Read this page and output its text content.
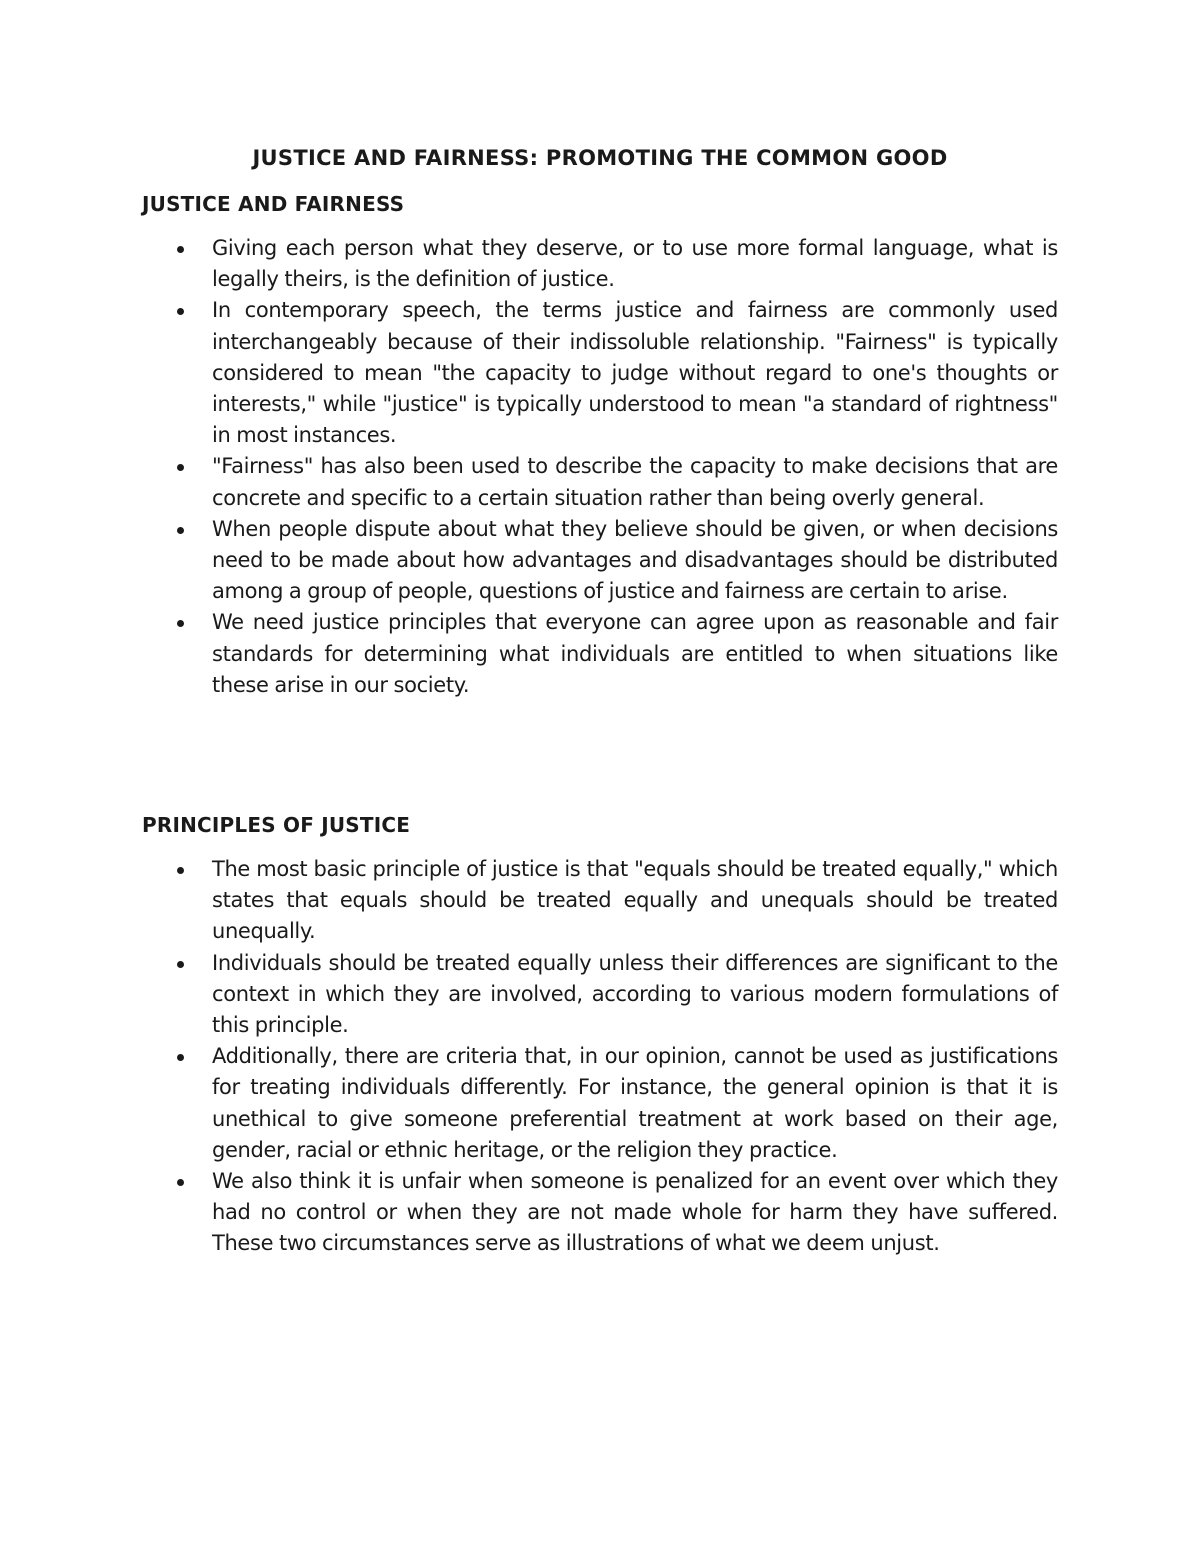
JUSTICE AND FAIRNESS: PROMOTING THE COMMON GOOD
JUSTICE AND FAIRNESS
Giving each person what they deserve, or to use more formal language, what is legally theirs, is the definition of justice.
In contemporary speech, the terms justice and fairness are commonly used interchangeably because of their indissoluble relationship. "Fairness" is typically considered to mean "the capacity to judge without regard to one's thoughts or interests," while "justice" is typically understood to mean "a standard of rightness" in most instances.
"Fairness" has also been used to describe the capacity to make decisions that are concrete and specific to a certain situation rather than being overly general.
When people dispute about what they believe should be given, or when decisions need to be made about how advantages and disadvantages should be distributed among a group of people, questions of justice and fairness are certain to arise.
We need justice principles that everyone can agree upon as reasonable and fair standards for determining what individuals are entitled to when situations like these arise in our society.
PRINCIPLES OF JUSTICE
The most basic principle of justice is that "equals should be treated equally," which states that equals should be treated equally and unequals should be treated unequally.
Individuals should be treated equally unless their differences are significant to the context in which they are involved, according to various modern formulations of this principle.
Additionally, there are criteria that, in our opinion, cannot be used as justifications for treating individuals differently. For instance, the general opinion is that it is unethical to give someone preferential treatment at work based on their age, gender, racial or ethnic heritage, or the religion they practice.
We also think it is unfair when someone is penalized for an event over which they had no control or when they are not made whole for harm they have suffered. These two circumstances serve as illustrations of what we deem unjust.
